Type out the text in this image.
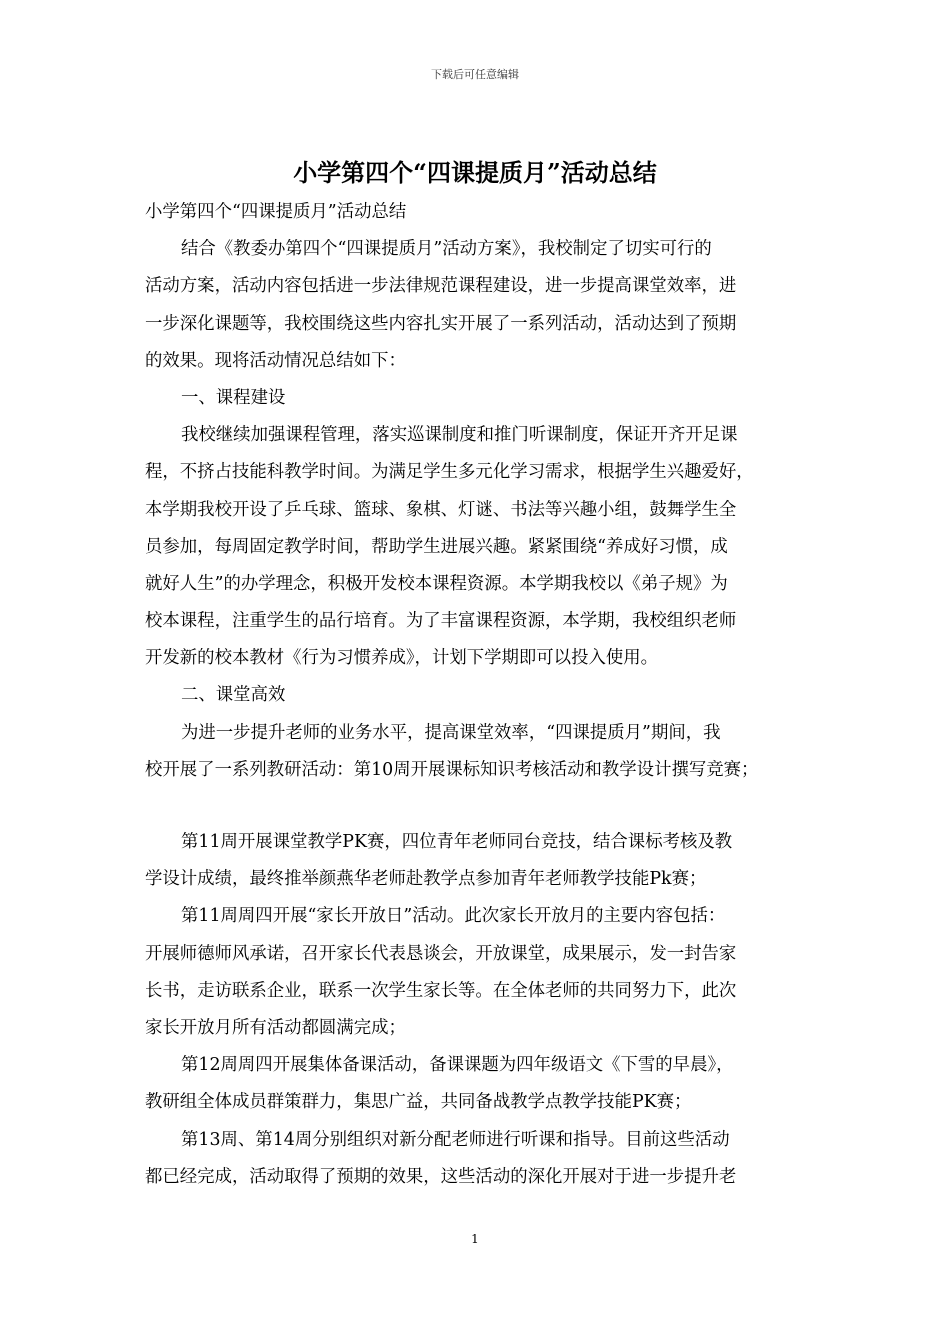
下载后可任意编辑
小学第四个“四课提质月”活动总结
小学第四个“四课提质月”活动总结
结合《教委办第四个“四课提质月”活动方案》，我校制定了切实可行的
活动方案，活动内容包括进一步法律规范课程建设，进一步提高课堂效率，进
一步深化课题等，我校围绕这些内容扎实开展了一系列活动，活动达到了预期
的效果。现将活动情况总结如下：
一、课程建设
我校继续加强课程管理，落实巡课制度和推门听课制度，保证开齐开足课
程，不挤占技能科教学时间。为满足学生多元化学习需求，根据学生兴趣爱好，
本学期我校开设了乒乓球、篮球、象棋、灯谜、书法等兴趣小组，鼓舞学生全
员参加，每周固定教学时间，帮助学生进展兴趣。紧紧围绕“养成好习惯，成
就好人生”的办学理念，积极开发校本课程资源。本学期我校以《弟子规》为
校本课程，注重学生的品行培育。为了丰富课程资源，本学期，我校组织老师
开发新的校本教材《行为习惯养成》，计划下学期即可以投入使用。
二、课堂高效
为进一步提升老师的业务水平，提高课堂效率，“四课提质月”期间，我
校开展了一系列教研活动：第10周开展课标知识考核活动和教学设计撰写竞赛；
第11周开展课堂教学PK赛，四位青年老师同台竞技，结合课标考核及教
学设计成绩，最终推举颜燕华老师赴教学点参加青年老师教学技能Pk赛；
第11周周四开展“家长开放日”活动。此次家长开放月的主要内容包括：
开展师德师风承诺，召开家长代表恳谈会，开放课堂，成果展示，发一封告家
长书，走访联系企业，联系一次学生家长等。在全体老师的共同努力下，此次
家长开放月所有活动都圆满完成；
第12周周四开展集体备课活动，备课课题为四年级语文《下雪的早晨》，
教研组全体成员群策群力，集思广益，共同备战教学点教学技能PK赛；
第13周、第14周分别组织对新分配老师进行听课和指导。目前这些活动
都已经完成，活动取得了预期的效果，这些活动的深化开展对于进一步提升老
1
